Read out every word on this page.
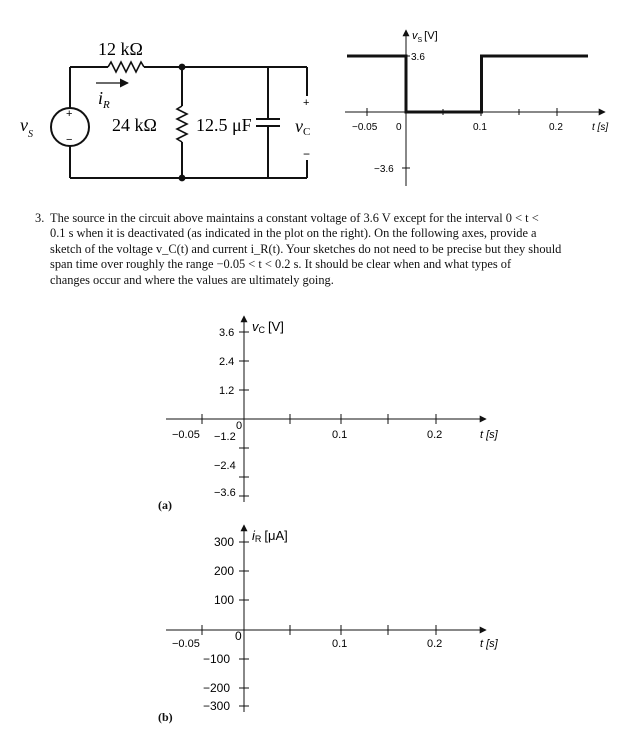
12 kΩ
$i_R$
+
−
$v_S$	24 kΩ 12.5 μF
+
vC
−
$v_S$ [V]
3.6
−3.6
−0.05 0	0.1	0.2	t [s]
vC [V]
3.6
2.4
1.2
0
−1.2
−2.4
−3.6
−0.05	0.1	0.2	t [s]
iR [μA]
300
200
100
0
−100
−200
−300
−0.05	0.1	0.2	t [s]
3. The source in the circuit above maintains a constant voltage of 3.6 V except for the interval 0 < t <
0.1 s when it is deactivated (as indicated in the plot on the right). On the following axes, provide a
sketch of the voltage v_C(t) and current i_R(t). Your sketches do not need to be precise but they should
span time over roughly the range −0.05 < t < 0.2 s. It should be clear when and what types of
changes occur and where the values are ultimately going.
(a)
(b)
